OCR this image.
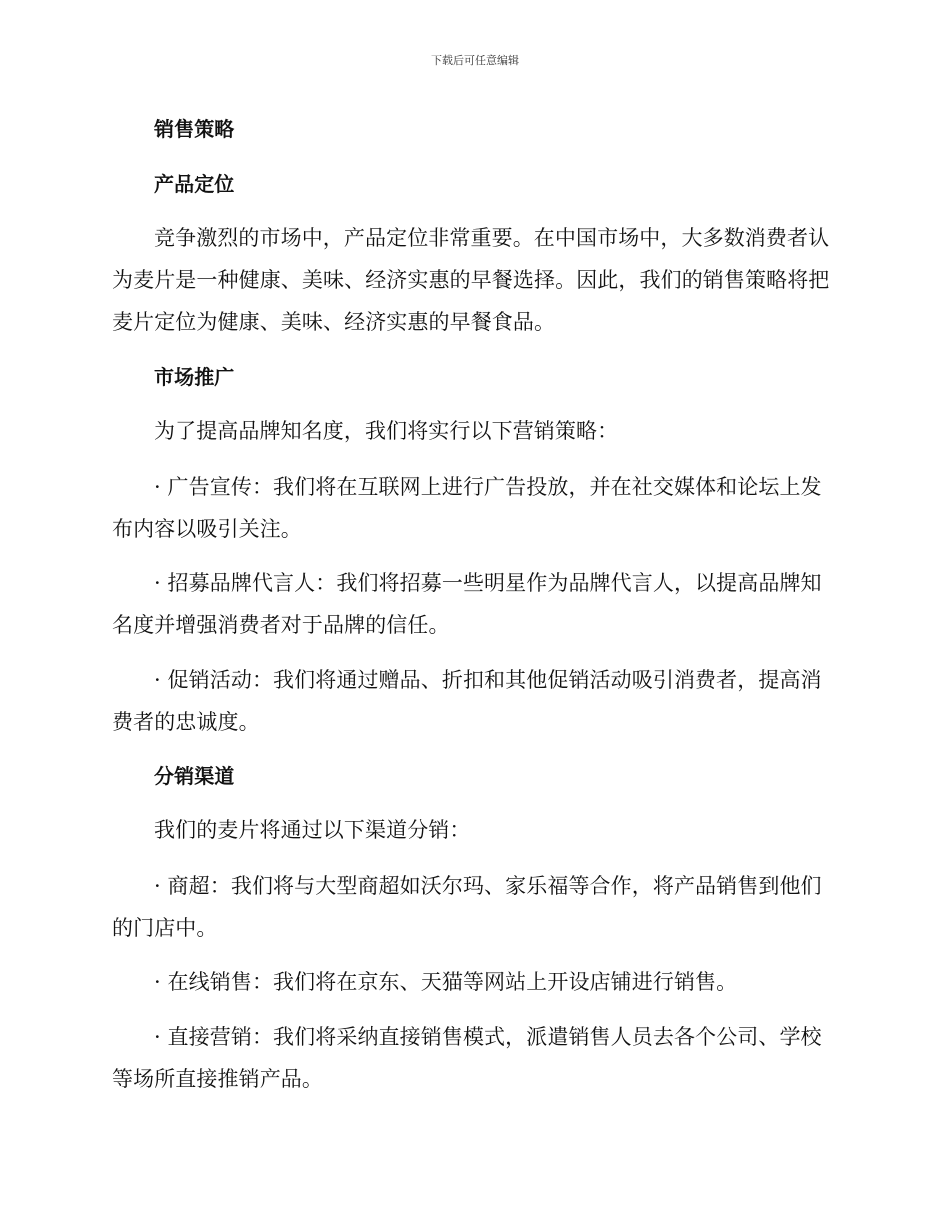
下载后可任意编辑
销售策略
产品定位

竞争激烈的市场中，产品定位非常重要。在中国市场中，大多数消费者认为麦片是一种健康、美味、经济实惠的早餐选择。因此，我们的销售策略将把麦片定位为健康、美味、经济实惠的早餐食品。

市场推广

为了提高品牌知名度，我们将实行以下营销策略：

· 广告宣传：我们将在互联网上进行广告投放，并在社交媒体和论坛上发布内容以吸引关注。

· 招募品牌代言人：我们将招募一些明星作为品牌代言人，以提高品牌知名度并增强消费者对于品牌的信任。

· 促销活动：我们将通过赠品、折扣和其他促销活动吸引消费者，提高消费者的忠诚度。

分销渠道

我们的麦片将通过以下渠道分销：

· 商超：我们将与大型商超如沃尔玛、家乐福等合作，将产品销售到他们的门店中。

· 在线销售：我们将在京东、天猫等网站上开设店铺进行销售。

· 直接营销：我们将采纳直接销售模式，派遣销售人员去各个公司、学校等场所直接推销产品。
